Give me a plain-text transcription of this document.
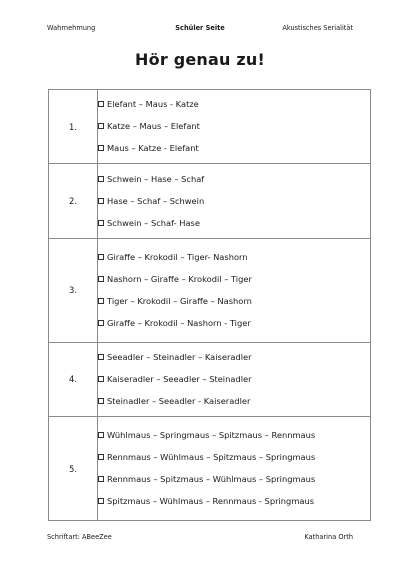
Wahrnehmung	Schüler Seite	Akustisches Serialität
Hör genau zu!
1.	Elefant – Maus - Katze
Katze – Maus – Elefant
Maus – Katze - Elefant

2.	Schwein – Hase – Schaf
Hase – Schaf – Schwein
Schwein – Schaf- Hase

3.	Giraffe – Krokodil – Tiger- Nashorn
Nashorn – Giraffe – Krokodil – Tiger
Tiger – Krokodil – Giraffe – Nashorn
Giraffe – Krokodil – Nashorn - Tiger

4.	Seeadler – Steinadler – Kaiseradler
Kaiseradler – Seeadler – Steinadler
Steinadler – Seeadler - Kaiseradler

5.	Wühlmaus – Springmaus – Spitzmaus – Rennmaus
Rennmaus – Wühlmaus – Spitzmaus – Springmaus
Rennmaus – Spitzmaus – Wühlmaus – Springmaus
Spitzmaus – Wühlmaus – Rennmaus - Springmaus
Schriftart: ABeeZee	Katharina Orth
